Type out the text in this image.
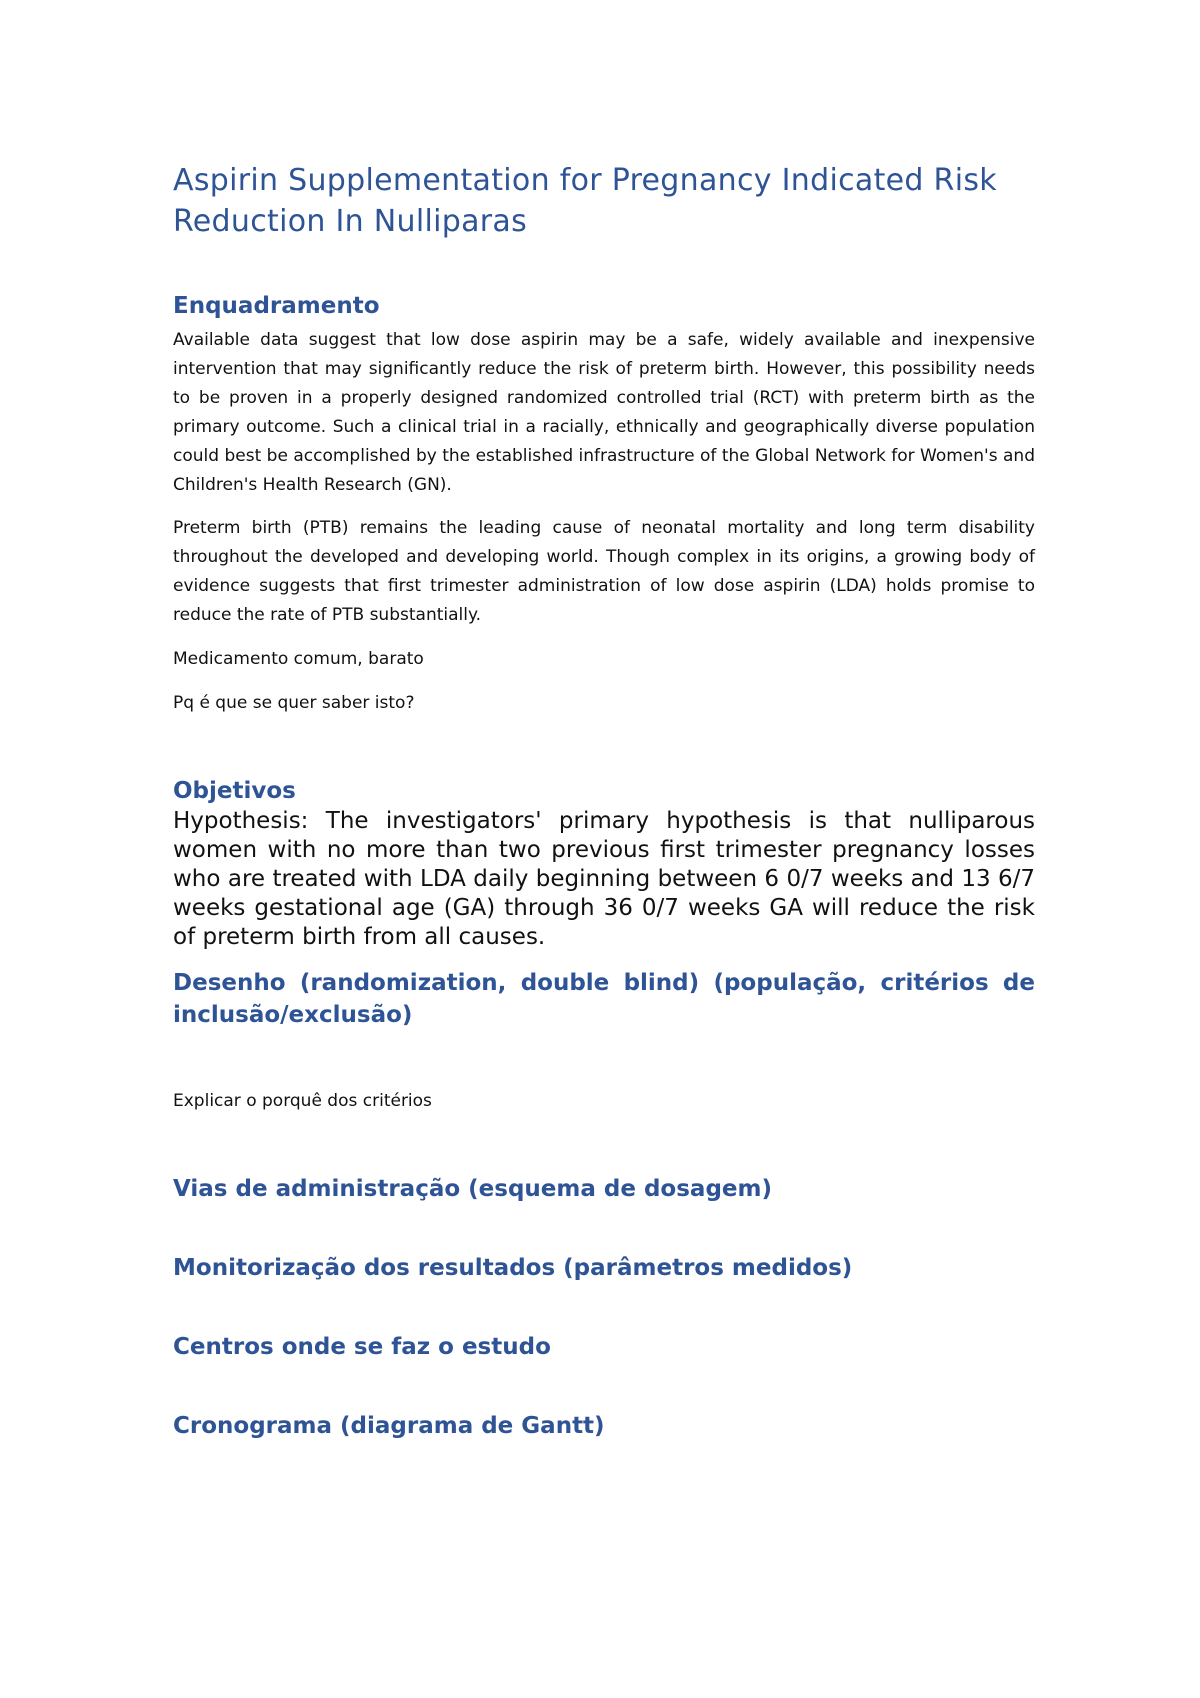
Aspirin Supplementation for Pregnancy Indicated Risk Reduction In Nulliparas
Enquadramento

Available data suggest that low dose aspirin may be a safe, widely available and inexpensive intervention that may significantly reduce the risk of preterm birth. However, this possibility needs to be proven in a properly designed randomized controlled trial (RCT) with preterm birth as the primary outcome. Such a clinical trial in a racially, ethnically and geographically diverse population could best be accomplished by the established infrastructure of the Global Network for Women's and Children's Health Research (GN).

Preterm birth (PTB) remains the leading cause of neonatal mortality and long term disability throughout the developed and developing world. Though complex in its origins, a growing body of evidence suggests that first trimester administration of low dose aspirin (LDA) holds promise to reduce the rate of PTB substantially.

Medicamento comum, barato

Pq é que se quer saber isto?

Objetivos

Hypothesis: The investigators' primary hypothesis is that nulliparous women with no more than two previous first trimester pregnancy losses who are treated with LDA daily beginning between 6 0/7 weeks and 13 6/7 weeks gestational age (GA) through 36 0/7 weeks GA will reduce the risk of preterm birth from all causes.

Desenho (randomization, double blind) (população, critérios de inclusão/exclusão)

Explicar o porquê dos critérios

Vias de administração (esquema de dosagem)
Monitorização dos resultados (parâmetros medidos)
Centros onde se faz o estudo
Cronograma (diagrama de Gantt)
